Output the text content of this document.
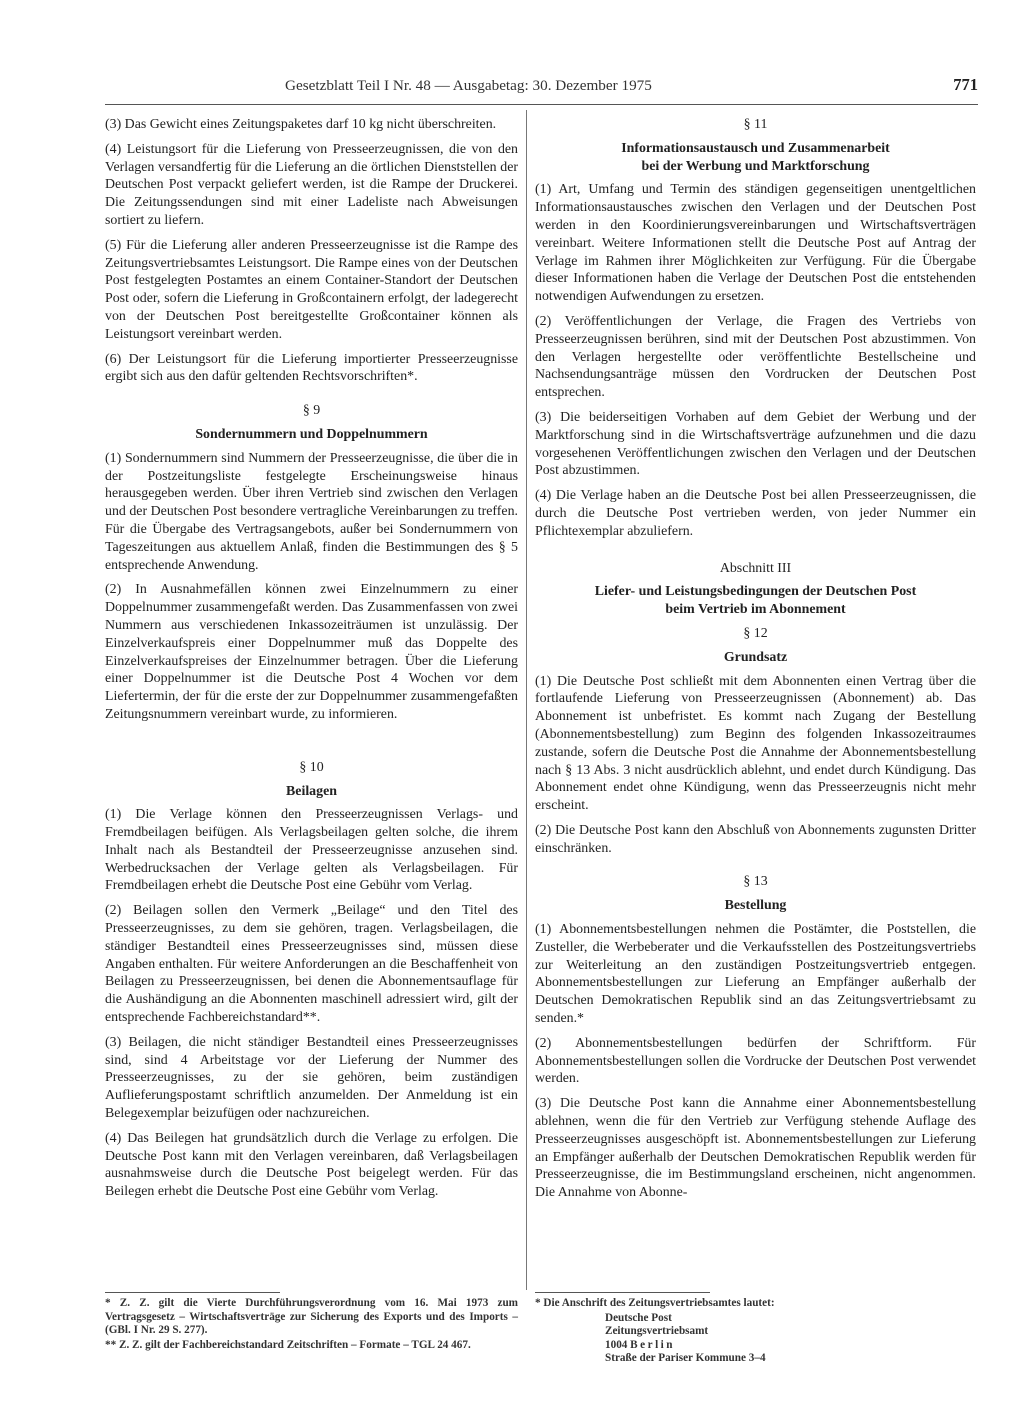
Gesetzblatt Teil I Nr. 48 — Ausgabetag: 30. Dezember 1975	771

(3) Das Gewicht eines Zeitungspaketes darf 10 kg nicht überschreiten.

(4) Leistungsort für die Lieferung von Presseerzeugnissen, die von den Verlagen versandfertig für die Lieferung an die örtlichen Dienststellen der Deutschen Post verpackt geliefert werden, ist die Rampe der Druckerei. Die Zeitungssendungen sind mit einer Ladeliste nach Abweisungen sortiert zu liefern.

(5) Für die Lieferung aller anderen Presseerzeugnisse ist die Rampe des Zeitungsvertriebsamtes Leistungsort. Die Rampe eines von der Deutschen Post festgelegten Postamtes an einem Container-Standort der Deutschen Post oder, sofern die Lieferung in Großcontainern erfolgt, der ladegerecht von der Deutschen Post bereitgestellte Großcontainer können als Leistungsort vereinbart werden.

(6) Der Leistungsort für die Lieferung importierter Presseerzeugnisse ergibt sich aus den dafür geltenden Rechtsvorschriften*.

§ 9
Sondernummern und Doppelnummern

(1) Sondernummern sind Nummern der Presseerzeugnisse, die über die in der Postzeitungsliste festgelegte Erscheinungsweise hinaus herausgegeben werden. Über ihren Vertrieb sind zwischen den Verlagen und der Deutschen Post besondere vertragliche Vereinbarungen zu treffen. Für die Übergabe des Vertragsangebots, außer bei Sondernummern von Tageszeitungen aus aktuellem Anlaß, finden die Bestimmungen des § 5 entsprechende Anwendung.

(2) In Ausnahmefällen können zwei Einzelnummern zu einer Doppelnummer zusammengefaßt werden. Das Zusammenfassen von zwei Nummern aus verschiedenen Inkassozeiträumen ist unzulässig. Der Einzelverkaufspreis einer Doppelnummer muß das Doppelte des Einzelverkaufspreises der Einzelnummer betragen. Über die Lieferung einer Doppelnummer ist die Deutsche Post 4 Wochen vor dem Liefertermin, der für die erste der zur Doppelnummer zusammengefaßten Zeitungsnummern vereinbart wurde, zu informieren.

§ 10
Beilagen

(1) Die Verlage können den Presseerzeugnissen Verlags- und Fremdbeilagen beifügen. Als Verlagsbeilagen gelten solche, die ihrem Inhalt nach als Bestandteil der Presseerzeugnisse anzusehen sind. Werbedrucksachen der Verlage gelten als Verlagsbeilagen. Für Fremdbeilagen erhebt die Deutsche Post eine Gebühr vom Verlag.

(2) Beilagen sollen den Vermerk „Beilage“ und den Titel des Presseerzeugnisses, zu dem sie gehören, tragen. Verlagsbeilagen, die ständiger Bestandteil eines Presseerzeugnisses sind, müssen diese Angaben enthalten. Für weitere Anforderungen an die Beschaffenheit von Beilagen zu Presseerzeugnissen, bei denen die Abonnementsauflage für die Aushändigung an die Abonnenten maschinell adressiert wird, gilt der entsprechende Fachbereichstandard**.

(3) Beilagen, die nicht ständiger Bestandteil eines Presseerzeugnisses sind, sind 4 Arbeitstage vor der Lieferung der Nummer des Presseerzeugnisses, zu der sie gehören, beim zuständigen Auflieferungspostamt schriftlich anzumelden. Der Anmeldung ist ein Belegexemplar beizufügen oder nachzureichen.

(4) Das Beilegen hat grundsätzlich durch die Verlage zu erfolgen. Die Deutsche Post kann mit den Verlagen vereinbaren, daß Verlagsbeilagen ausnahmsweise durch die Deutsche Post beigelegt werden. Für das Beilegen erhebt die Deutsche Post eine Gebühr vom Verlag.

§ 11
Informationsaustausch und Zusammenarbeit
bei der Werbung und Marktforschung

(1) Art, Umfang und Termin des ständigen gegenseitigen unentgeltlichen Informationsaustausches zwischen den Verlagen und der Deutschen Post werden in den Koordinierungsvereinbarungen und Wirtschaftsverträgen vereinbart. Weitere Informationen stellt die Deutsche Post auf Antrag der Verlage im Rahmen ihrer Möglichkeiten zur Verfügung. Für die Übergabe dieser Informationen haben die Verlage der Deutschen Post die entstehenden notwendigen Aufwendungen zu ersetzen.

(2) Veröffentlichungen der Verlage, die Fragen des Vertriebs von Presseerzeugnissen berühren, sind mit der Deutschen Post abzustimmen. Von den Verlagen hergestellte oder veröffentlichte Bestellscheine und Nachsendungsanträge müssen den Vordrucken der Deutschen Post entsprechen.

(3) Die beiderseitigen Vorhaben auf dem Gebiet der Werbung und der Marktforschung sind in die Wirtschaftsverträge aufzunehmen und die dazu vorgesehenen Veröffentlichungen zwischen den Verlagen und der Deutschen Post abzustimmen.

(4) Die Verlage haben an die Deutsche Post bei allen Presseerzeugnissen, die durch die Deutsche Post vertrieben werden, von jeder Nummer ein Pflichtexemplar abzuliefern.

Abschnitt III
Liefer- und Leistungsbedingungen der Deutschen Post
beim Vertrieb im Abonnement
§ 12
Grundsatz

(1) Die Deutsche Post schließt mit dem Abonnenten einen Vertrag über die fortlaufende Lieferung von Presseerzeugnissen (Abonnement) ab. Das Abonnement ist unbefristet. Es kommt nach Zugang der Bestellung (Abonnementsbestellung) zum Beginn des folgenden Inkassozeitraumes zustande, sofern die Deutsche Post die Annahme der Abonnementsbestellung nach § 13 Abs. 3 nicht ausdrücklich ablehnt, und endet durch Kündigung. Das Abonnement endet ohne Kündigung, wenn das Presseerzeugnis nicht mehr erscheint.

(2) Die Deutsche Post kann den Abschluß von Abonnements zugunsten Dritter einschränken.

§ 13
Bestellung

(1) Abonnementsbestellungen nehmen die Postämter, die Poststellen, die Zusteller, die Werbeberater und die Verkaufsstellen des Postzeitungsvertriebs zur Weiterleitung an den zuständigen Postzeitungsvertrieb entgegen. Abonnementsbestellungen zur Lieferung an Empfänger außerhalb der Deutschen Demokratischen Republik sind an das Zeitungsvertriebsamt zu senden.*

(2) Abonnementsbestellungen bedürfen der Schriftform. Für Abonnementsbestellungen sollen die Vordrucke der Deutschen Post verwendet werden.

(3) Die Deutsche Post kann die Annahme einer Abonnementsbestellung ablehnen, wenn die für den Vertrieb zur Verfügung stehende Auflage des Presseerzeugnisses ausgeschöpft ist. Abonnementsbestellungen zur Lieferung an Empfänger außerhalb der Deutschen Demokratischen Republik werden für Presseerzeugnisse, die im Bestimmungsland erscheinen, nicht angenommen. Die Annahme von Abonne-

* Z. Z. gilt die Vierte Durchführungsverordnung vom 16. Mai 1973 zum Vertragsgesetz – Wirtschaftsverträge zur Sicherung des Exports und des Imports – (GBl. I Nr. 29 S. 277).
** Z. Z. gilt der Fachbereichstandard Zeitschriften – Formate – TGL 24 467.
* Die Anschrift des Zeitungsvertriebsamtes lautet:
Deutsche Post
Zeitungsvertriebsamt
1004 Berlin
Straße der Pariser Kommune 3–4
